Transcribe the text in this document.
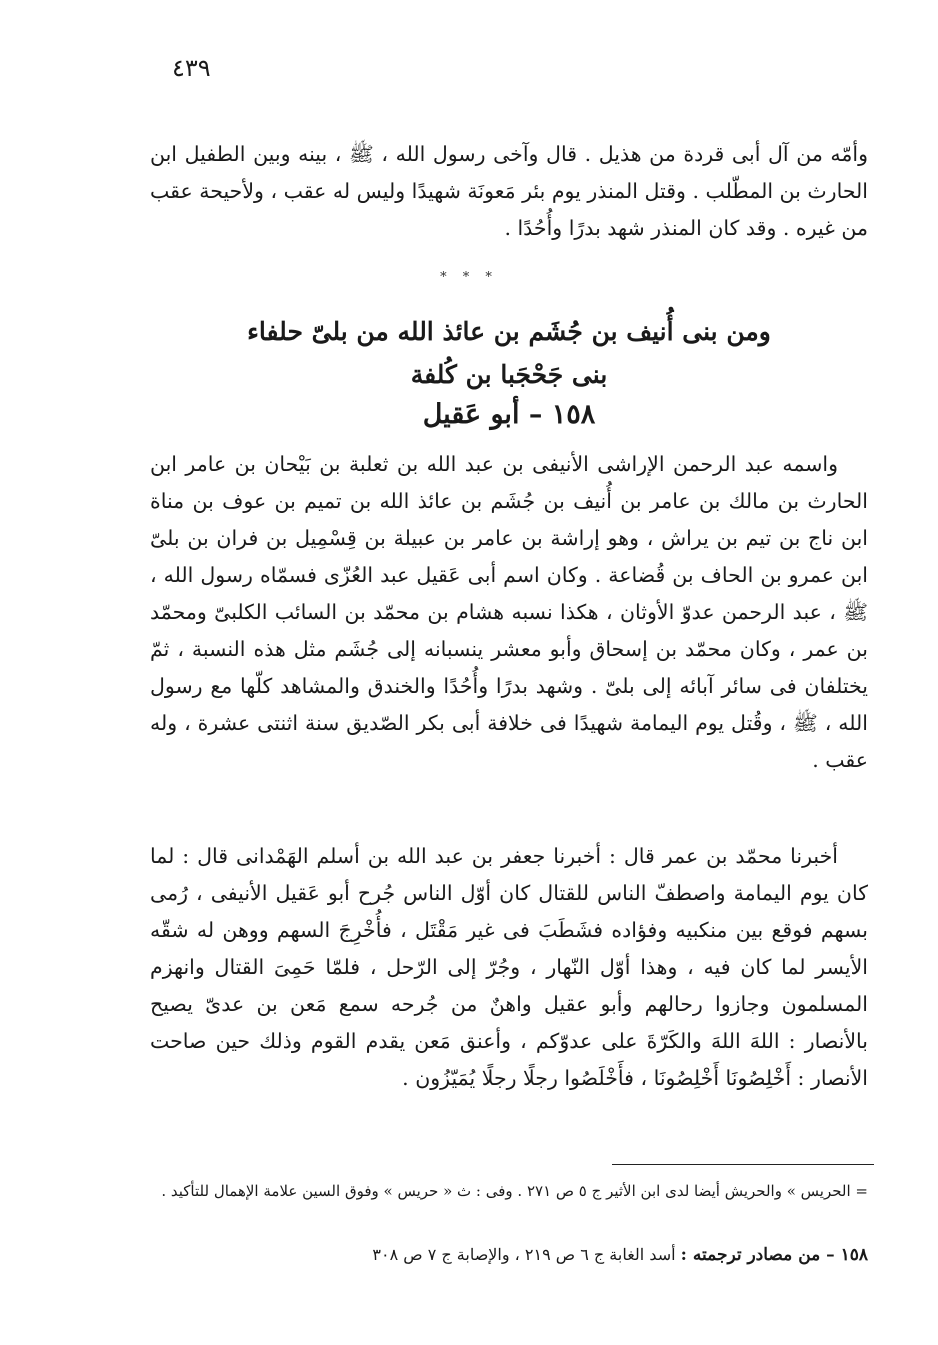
٤٣٩

وأمّه من آل أبى قردة من هذيل . قال وآخى رسول الله ، ﷺ ، بينه وبين الطفيل ابن الحارث بن المطّلب . وقتل المنذر يوم بئر مَعونَة شهيدًا وليس له عقب ، ولأحيحة عقب من غيره . وقد كان المنذر شهد بدرًا وأُحُدًا .

* * *
ومن بنى أُنيف بن جُشَم بن عائذ الله من بلىّ حلفاء
بنى جَحْجَبا بن كُلفة
١٥٨ – أبو عَقيل

واسمه عبد الرحمن الإراشى الأنيفى بن عبد الله بن ثعلبة بن بَيْحان بن عامر ابن الحارث بن مالك بن عامر بن أُنيف بن جُشَم بن عائذ الله بن تميم بن عوف بن مناة ابن ناج بن تيم بن يراش ، وهو إراشة بن عامر بن عبيلة بن قِسْمِيل بن فران بن بلىّ ابن عمرو بن الحاف بن قُضاعة . وكان اسم أبى عَقيل عبد العُزّى فسمّاه رسول الله ، ﷺ ، عبد الرحمن عدوّ الأوثان ، هكذا نسبه هشام بن محمّد بن السائب الكلبىّ ومحمّد بن عمر ، وكان محمّد بن إسحاق وأبو معشر ينسبانه إلى جُشَم مثل هذه النسبة ، ثمّ يختلفان فى سائر آبائه إلى بلىّ . وشهد بدرًا وأُحُدًا والخندق والمشاهد كلّها مع رسول الله ، ﷺ ، وقُتل يوم اليمامة شهيدًا فى خلافة أبى بكر الصّديق سنة اثنتى عشرة ، وله عقب .

أخبرنا محمّد بن عمر قال : أخبرنا جعفر بن عبد الله بن أسلم الهَمْدانى قال : لما كان يوم اليمامة واصطفّ الناس للقتال كان أوّل الناس جُرح أبو عَقيل الأنيفى ، رُمى بسهم فوقع بين منكبيه وفؤاده فشَطَبَ فى غير مَقْتَل ، فأُخْرِجَ السهم ووهن له شقّه الأيسر لما كان فيه ، وهذا أوّل النّهار ، وجُرّ إلى الرّحل ، فلمّا حَمِىَ القتال وانهزم المسلمون وجازوا رحالهم وأبو عقيل واهنٌ من جُرحه سمع مَعن بن عدىّ يصيح بالأنصار : اللهَ اللهَ والكَرّةَ على عدوّكم ، وأعنق مَعن يقدم القوم وذلك حين صاحت الأنصار : أَخْلِصُونَا أَخْلِصُونَا ، فأَخْلَصُوا رجلًا رجلًا يُمَيّزُون .

= الحريس » والحريش أيضا لدى ابن الأثير ج ٥ ص ٢٧١ . وفى : ث « حريس » وفوق السين علامة الإهمال للتأكيد .

١٥٨ – من مصادر ترجمته : أسد الغابة ج ٦ ص ٢١٩ ، والإصابة ج ٧ ص ٣٠٨
